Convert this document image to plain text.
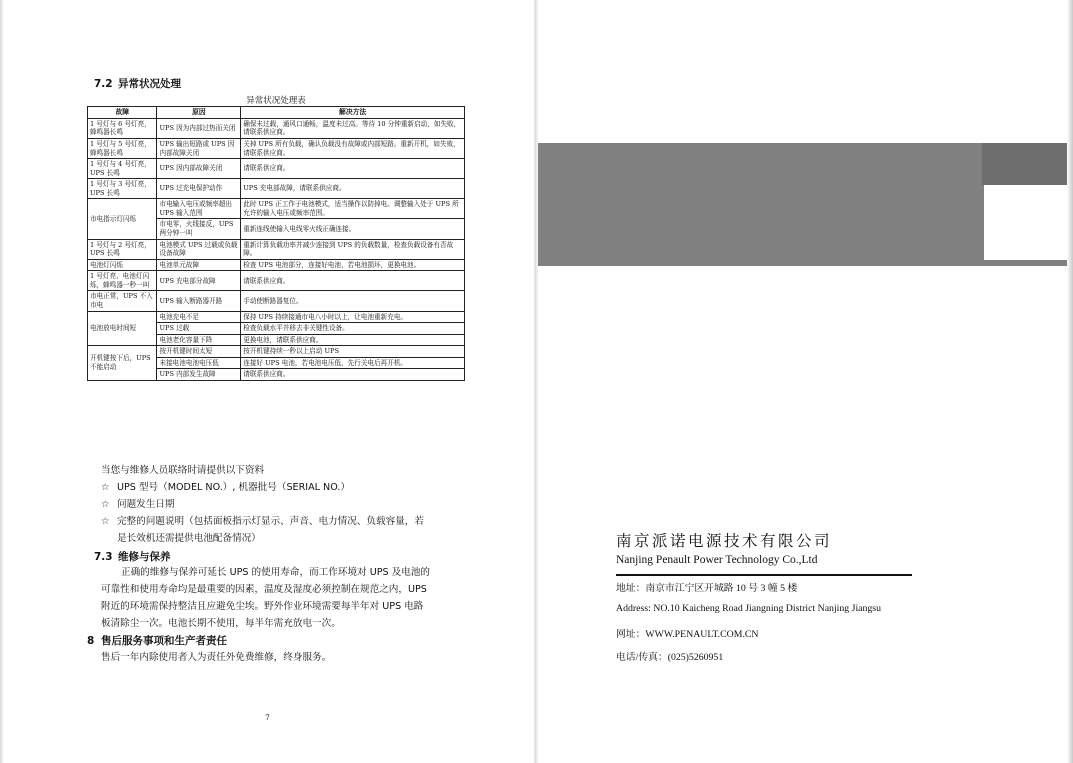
7.2 异常状况处理
异常状况处理表
故障	原因	解决方法
1 号灯与 6 号灯亮，蜂鸣器长鸣	UPS 因为内部过热而关闭	确保未过载，通风口通畅，温度未过高。等待 10 分钟重新启动，如失败，请联系供应商。
1 号灯与 5 号灯亮，蜂鸣器长鸣	UPS 输出短路或 UPS 因内部故障关闭	关掉 UPS 所有负载，确认负载没有故障或内部短路。重新开机，如失败，请联系供应商。
1 号灯与 4 号灯亮，UPS 长鸣	UPS 因内部故障关闭	请联系供应商。
1 号灯与 3 号灯亮，UPS 长鸣	UPS 过充电保护动作	UPS 充电部故障，请联系供应商。
市电指示灯闪烁	市电输入电压或频率超出 UPS 输入范围	此时 UPS 正工作于电池模式，适当操作以防掉电。调整输入处于 UPS 所允许的输入电压或频率范围。
	市电零，火线接反，UPS 两分钟一叫	重新连线使输入电线零火线正确连接。
1 号灯与 2 号灯亮，UPS 长鸣	电池模式 UPS 过载或负载设备故障	重新计算负载功率并减少连接到 UPS 的负载数量，检查负载设备有否故障。
电池灯闪烁	电池单元故障	检查 UPS 电池部分，连接好电池，若电池损坏，更换电池。
1 号灯亮、电池灯闪烁，蜂鸣器一秒一叫	UPS 充电部分故障	请联系供应商。
市电正常，UPS 不入市电	UPS 输入断路器开路	手动使断路器复位。
电池放电时间短	电池充电不足	保持 UPS 持续接通市电八小时以上，让电池重新充电。
	UPS 过载	检查负载水平并移去非关键性设备。
	电池老化容量下降	更换电池，请联系供应商。
开机键按下后，UPS 不能启动	按开机键时间太短	按开机键持续一秒以上启动 UPS
	未接电池电池电压低	连接好 UPS 电池，若电池电压低，先行关电后再开机。
	UPS 内部发生故障	请联系供应商。
当您与维修人员联络时请提供以下资料
☆ UPS 型号（MODEL NO.）, 机器批号（SERIAL NO.）
☆ 问题发生日期
☆ 完整的问题说明（包括面板指示灯显示、声音、电力情况、负载容量，若
是长效机还需提供电池配备情况）
7.3 维修与保养
正确的维修与保养可延长 UPS 的使用寿命，而工作环境对 UPS 及电池的
可靠性和使用寿命均是最重要的因素，温度及湿度必须控制在规范之内，UPS
附近的环境需保持整洁且应避免尘埃。野外作业环境需要每半年对 UPS 电路
板清除尘一次。电池长期不使用，每半年需充放电一次。
8 售后服务事项和生产者责任
售后一年内除使用者人为责任外免费维修，终身服务。
7
南京派诺电源技术有限公司
Nanjing Penault Power Technology Co.,Ltd
地址：南京市江宁区开城路 10 号 3 幢 5 楼
Address: NO.10 Kaicheng Road Jiangning District Nanjing Jiangsu
网址：WWW.PENAULT.COM.CN
电话/传真：(025)5260951
